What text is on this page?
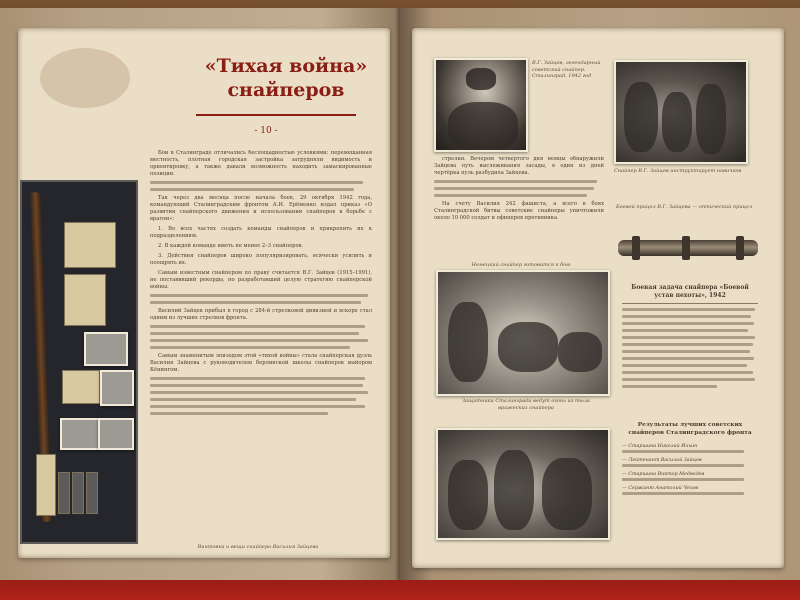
«Тихая война»
снайперов
- 10 -
Винтовка и вещи снайпера Василия Зайцева

Бои в Сталинграде отличались беспощадностью условиями: перемешанная местность, плотная городская застройка затрудняли видимость и ориентировку, а также давали возможность находить замаскированные позиции.

Так через два месяца после начала боев, 29 октября 1942 года, командующий Сталинградским фронтом А.И. Ерёменко издал приказ «О развитии снайперского движения и использовании снайперов в борьбе с врагом»:

1. Во всех частях создать команды снайперов и прикрепить их к подразделениям.

2. В каждой команде иметь не менее 2–3 снайперов.

3. Действия снайперов широко популяризировать, всячески усилить и поощрять их.

Самым известным снайпером по праву считается В.Г. Зайцев (1915–1991), не поставивший рекорды, но разработавший целую стратегию снайперской войны.

Василий Зайцев прибыл в город с 284-й стрелковой дивизией и вскоре стал одним из лучших стрелков фронта.

Самым знаменитым эпизодом этой «тихой войны» стала снайперская дуэль Василия Зайцева с руководителем берлинской школы снайперов майором Кёнингом.

В.Г. Зайцев, легендарный советский снайпер. Сталинград, 1942 год
Снайпер В.Г. Зайцев инструктирует новичков
Боевой прицел В.Г. Зайцева — оптический прицел

стрелки. Вечером четвертого дня немцы обнаружили Зайцева путь выслеживания засады, в один из дней чертёрка пуль разбудила Зайцева.

На счету Василия 242 фашиста, а всего в боях Сталинградской битвы советские снайперы уничтожили около 10 000 солдат и офицеров противника.

Немецкий снайпер готовится к бою
Защитники Сталинграда ведут огонь из тыла вражеских снайпера
Боевая задача снайпера «Боевой устав пехоты», 1942
Результаты лучших советских снайперов Сталинградского фронта
— Старшина Николай Ильин
— Лейтенант Василий Зайцев
— Старшина Виктор Медведев
— Сержант Анатолий Чехов
